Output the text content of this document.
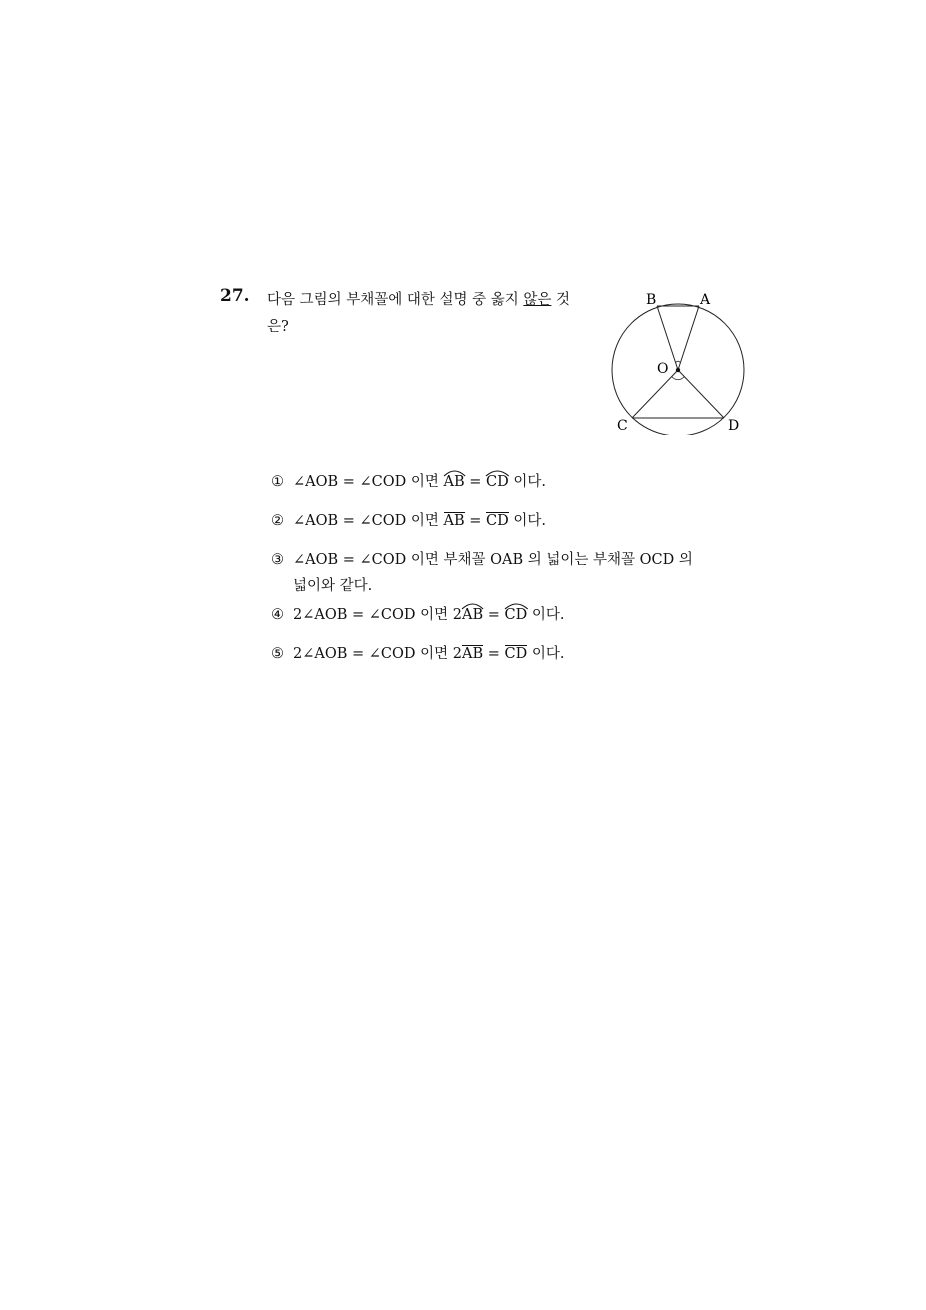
27. 다음 그림의 부채꼴에 대한 설명 중 옳지 않은 것
은?
B	A
O
C	D
① ∠AOB = ∠COD 이면
AB =
CD 이다.
② ∠AOB = ∠COD 이면 AB = CD 이다.
③ ∠AOB = ∠COD 이면 부채꼴 OAB 의 넓이는 부채꼴 OCD 의
넓이와 같다.
④ 2∠AOB = ∠COD 이면 2
AB =
CD 이다.
⑤ 2∠AOB = ∠COD 이면 2AB = CD 이다.
